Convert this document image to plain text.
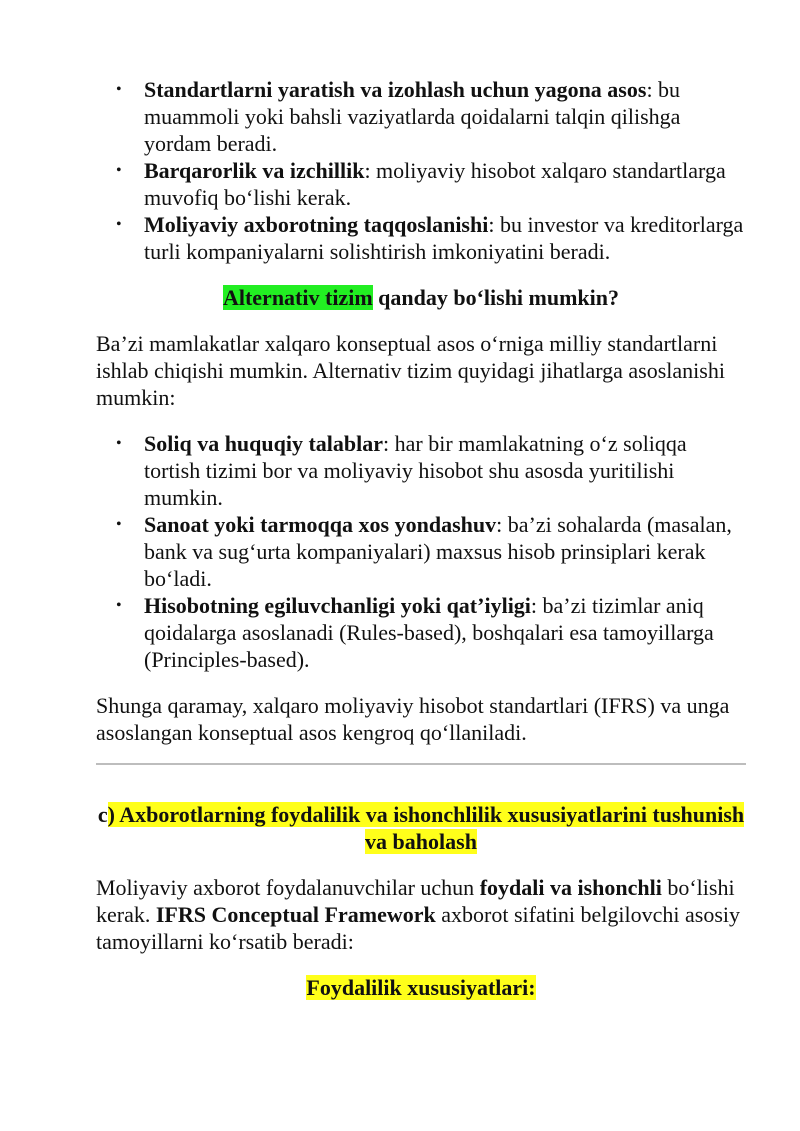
• Standartlarni yaratish va izohlash uchun yagona asos: bu muammoli yoki bahsli vaziyatlarda qoidalarni talqin qilishga yordam beradi.
• Barqarorlik va izchillik: moliyaviy hisobot xalqaro standartlarga muvofiq bo‘lishi kerak.
• Moliyaviy axborotning taqqoslanishi: bu investor va kreditorlarga turli kompaniyalarni solishtirish imkoniyatini beradi.

Alternativ tizim qanday bo‘lishi mumkin?

Ba’zi mamlakatlar xalqaro konseptual asos o‘rniga milliy standartlarni ishlab chiqishi mumkin. Alternativ tizim quyidagi jihatlarga asoslanishi mumkin:

• Soliq va huquqiy talablar: har bir mamlakatning o‘z soliqqa tortish tizimi bor va moliyaviy hisobot shu asosda yuritilishi mumkin.
• Sanoat yoki tarmoqqa xos yondashuv: ba’zi sohalarda (masalan, bank va sug‘urta kompaniyalari) maxsus hisob prinsiplari kerak bo‘ladi.
• Hisobotning egiluvchanligi yoki qat’iyligi: ba’zi tizimlar aniq qoidalarga asoslanadi (Rules-based), boshqalari esa tamoyillarga (Principles-based).

Shunga qaramay, xalqaro moliyaviy hisobot standartlari (IFRS) va unga asoslangan konseptual asos kengroq qo‘llaniladi.

c) Axborotlarning foydalilik va ishonchlilik xususiyatlarini tushunish va baholash

Moliyaviy axborot foydalanuvchilar uchun foydali va ishonchli bo‘lishi kerak. IFRS Conceptual Framework axborot sifatini belgilovchi asosiy tamoyillarni ko‘rsatib beradi:

Foydalilik xususiyatlari:
